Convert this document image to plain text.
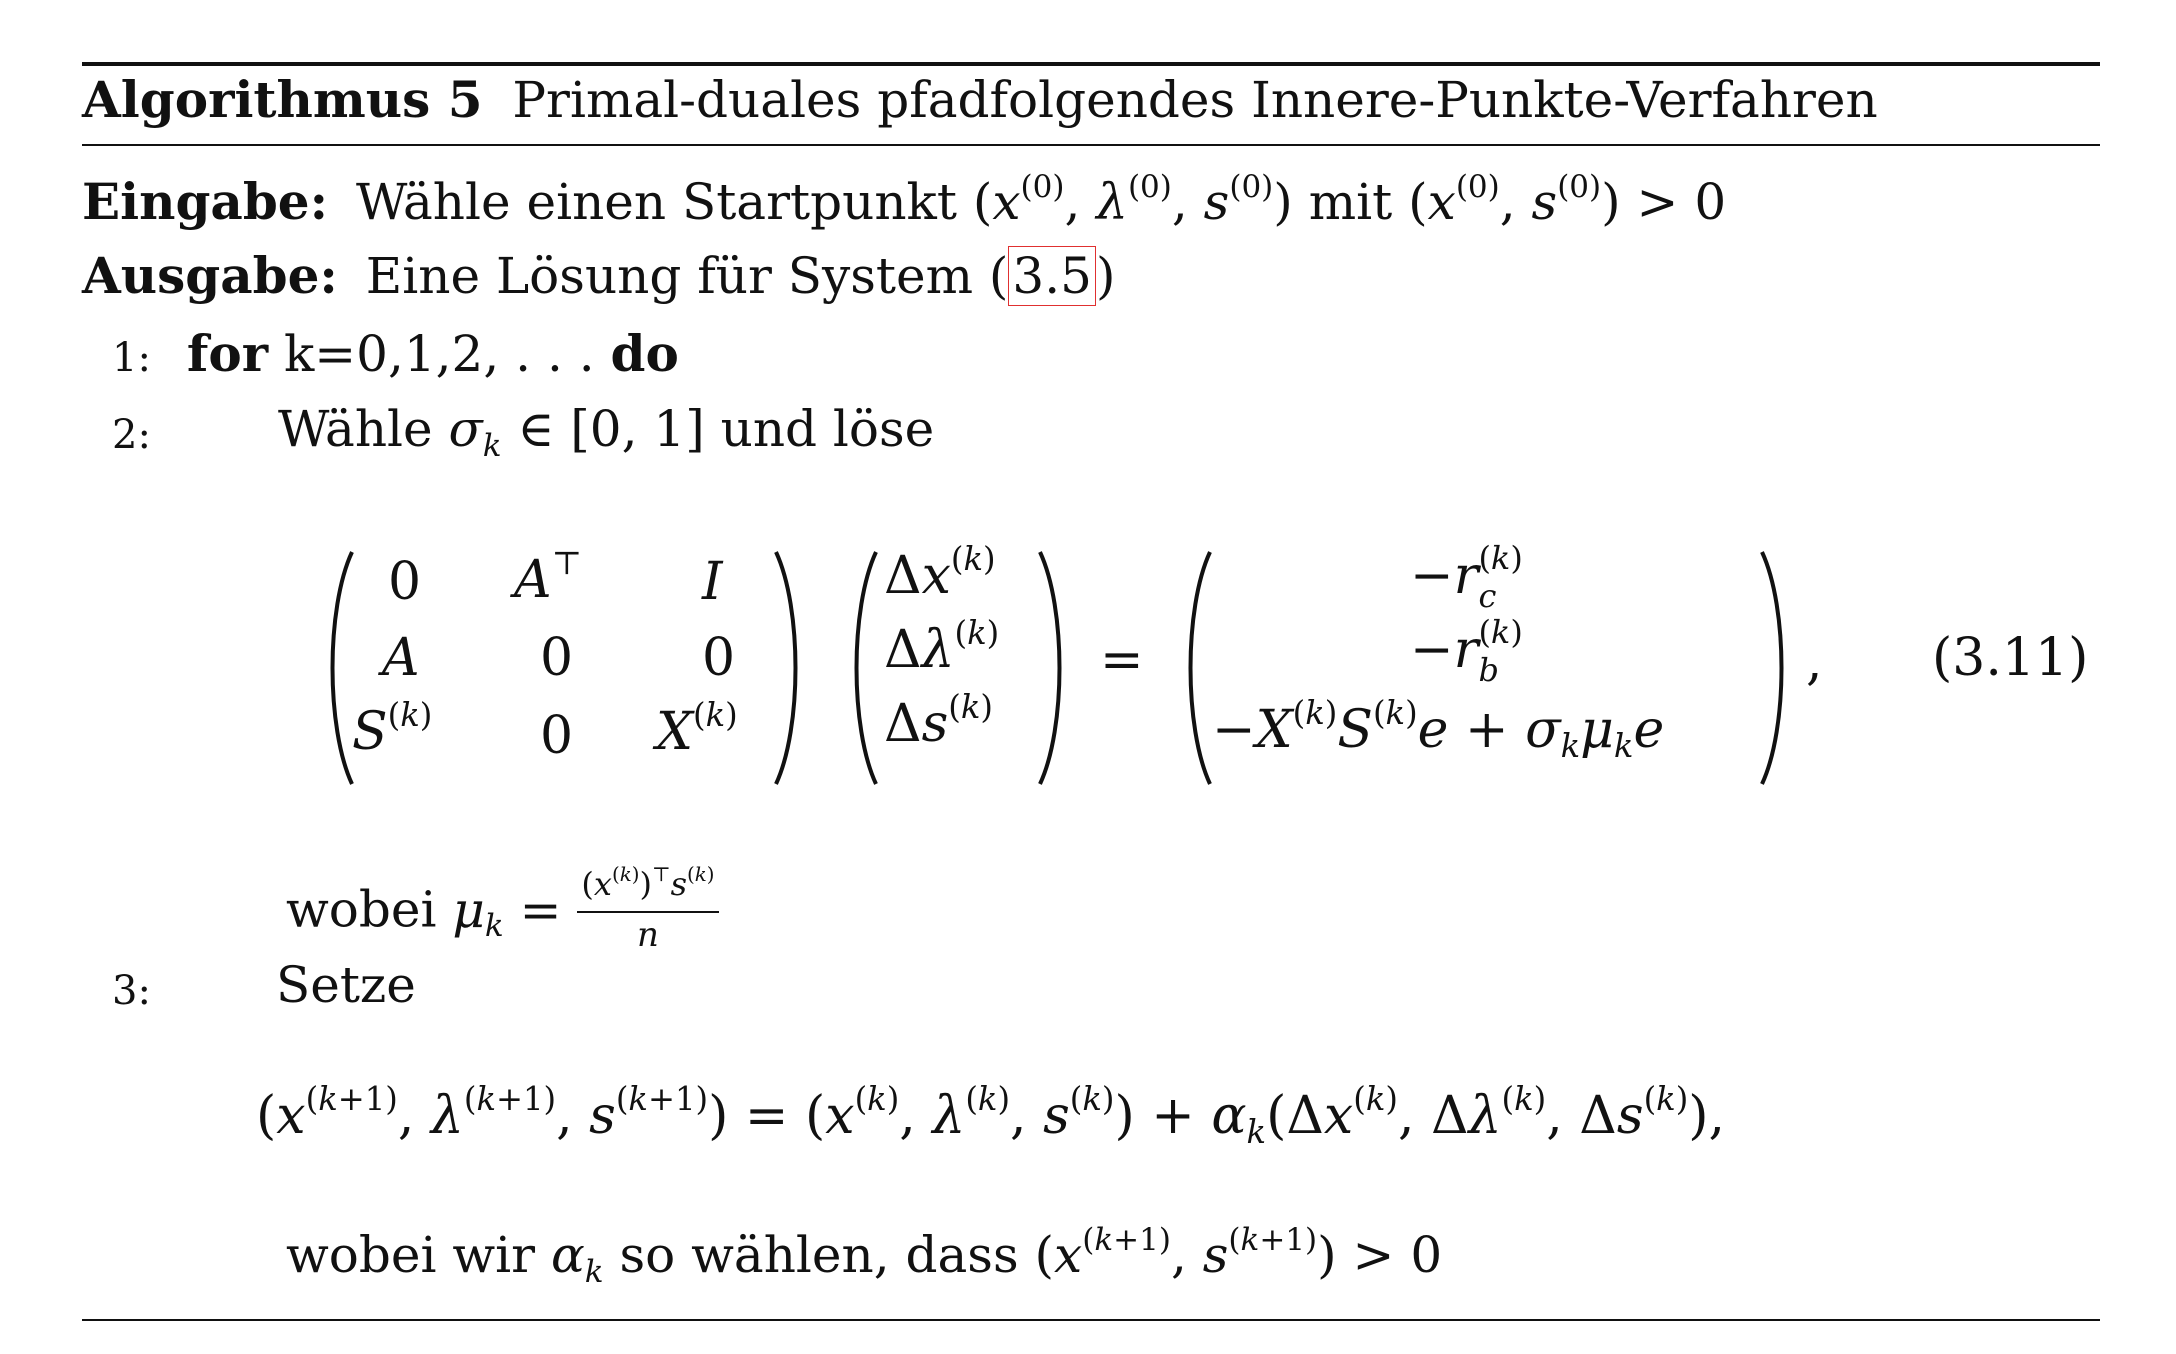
Algorithmus 5 Primal-duales pfadfolgendes Innere-Punkte-Verfahren
Eingabe: Wähle einen Startpunkt ($x^{(0)}$, $\lambda^{(0)}$, $s^{(0)}$) mit ($x^{(0)}$, $s^{(0)}) > 0$
Ausgabe: Eine Lösung für System (3.5)
1: for k=0,1,2, . . . do
2:	Wähle σk ∈ [0, 1] und löse
0 A⊤ I
A 0 0
$S^{(k)}$ 0 $X^{(k)}$
$\Delta x^{(k)}$
$\Delta\lambda^{(k)}$
$\Delta s^{(k)}$
=
−r (k)
c
−r (k)
b
$-X^{(k)}S^{(k)}e + \sigma k\mu ke$
, (3.11)
wobei $\mu k = \frac{(x^{(k)})^⊤s^{(k)}}{n}$
3:	Setze
($x^{(k+1)}$, $\lambda^{(k+1)}$, $s^{(k+1)}) = (x^{(k)}$, $\lambda^{(k)}$, $s^{(k)}) + \alpha k(\Delta x^{(k)}$, $\Delta\lambda^{(k)}$, $\Delta s^{(k)}$),
wobei wir αk so wählen, dass ($x^{(k+1)}$, $s^{(k+1)}) > 0$
